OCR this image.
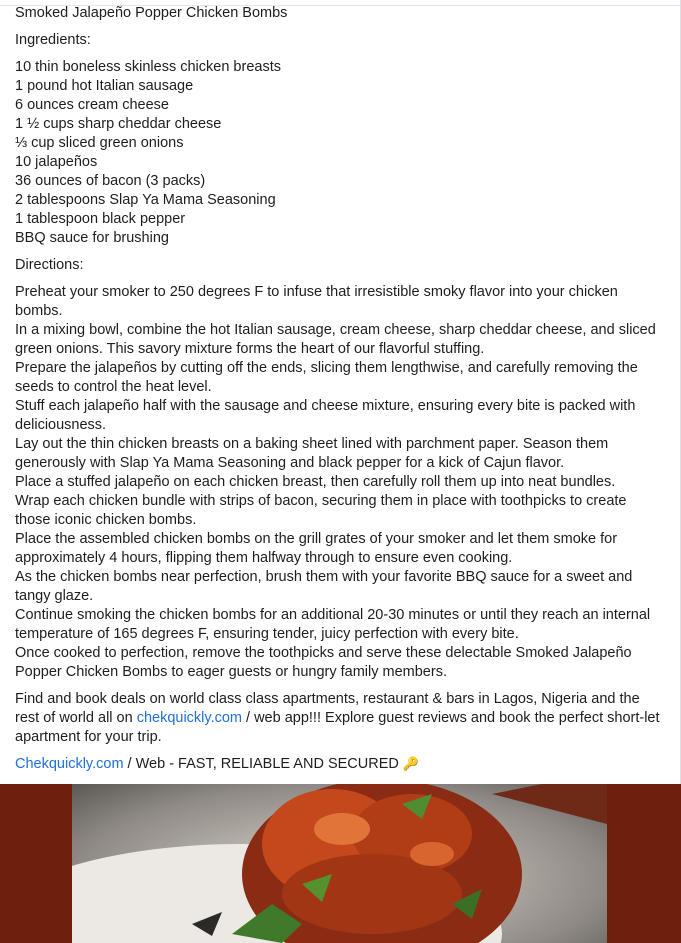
Smoked Jalapeño Popper Chicken Bombs

Ingredients:

10 thin boneless skinless chicken breasts
1 pound hot Italian sausage
6 ounces cream cheese
1 ½ cups sharp cheddar cheese
⅓ cup sliced green onions
10 jalapeños
36 ounces of bacon (3 packs)
2 tablespoons Slap Ya Mama Seasoning
1 tablespoon black pepper
BBQ sauce for brushing

Directions:

Preheat your smoker to 250 degrees F to infuse that irresistible smoky flavor into your chicken bombs.
In a mixing bowl, combine the hot Italian sausage, cream cheese, sharp cheddar cheese, and sliced green onions. This savory mixture forms the heart of our flavorful stuffing.
Prepare the jalapeños by cutting off the ends, slicing them lengthwise, and carefully removing the seeds to control the heat level.
Stuff each jalapeño half with the sausage and cheese mixture, ensuring every bite is packed with deliciousness.
Lay out the thin chicken breasts on a baking sheet lined with parchment paper. Season them generously with Slap Ya Mama Seasoning and black pepper for a kick of Cajun flavor.
Place a stuffed jalapeño on each chicken breast, then carefully roll them up into neat bundles.
Wrap each chicken bundle with strips of bacon, securing them in place with toothpicks to create those iconic chicken bombs.
Place the assembled chicken bombs on the grill grates of your smoker and let them smoke for approximately 4 hours, flipping them halfway through to ensure even cooking.
As the chicken bombs near perfection, brush them with your favorite BBQ sauce for a sweet and tangy glaze.
Continue smoking the chicken bombs for an additional 20-30 minutes or until they reach an internal temperature of 165 degrees F, ensuring tender, juicy perfection with every bite.
Once cooked to perfection, remove the toothpicks and serve these delectable Smoked Jalapeño Popper Chicken Bombs to eager guests or hungry family members.

Find and book deals on world class class apartments, restaurant & bars in Lagos, Nigeria and the rest of world all on chekquickly.com / web app!!! Explore guest reviews and book the perfect short-let apartment for your trip.

Chekquickly.com / Web - FAST, RELIABLE AND SECURED 🔑
